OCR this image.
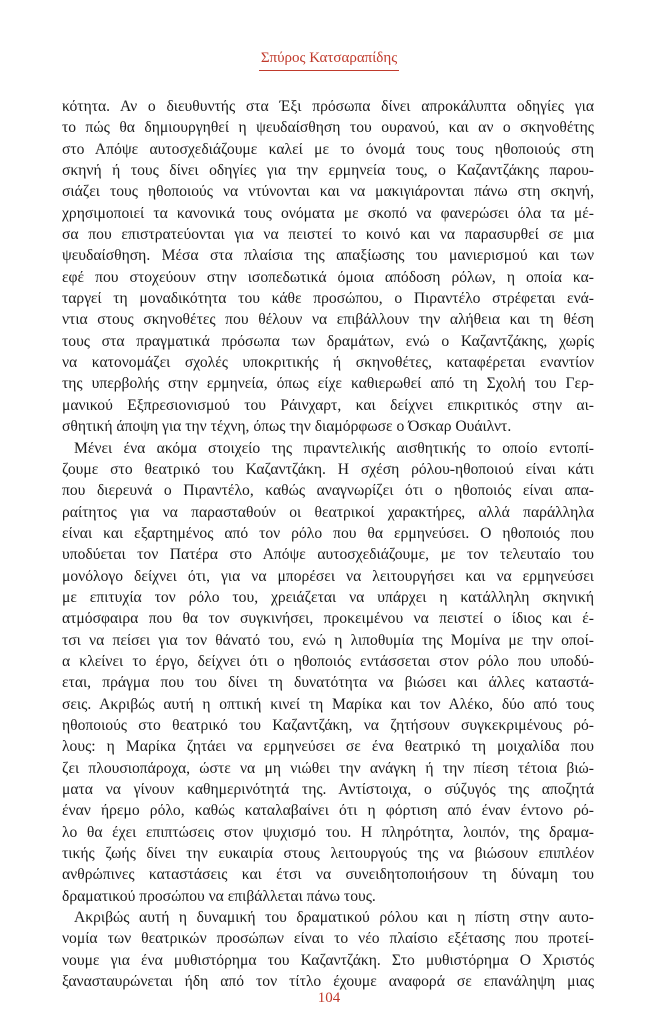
Σπύρος Κατσαραπίδης
κότητα. Αν ο διευθυντής στα Έξι πρόσωπα δίνει απροκάλυπτα οδηγίες για
το πώς θα δημιουργηθεί η ψευδαίσθηση του ουρανού, και αν ο σκηνοθέτης
στο Απόψε αυτοσχεδιάζουμε καλεί με το όνομά τους τους ηθοποιούς στη
σκηνή ή τους δίνει οδηγίες για την ερμηνεία τους, ο Καζαντζάκης παρου-
σιάζει τους ηθοποιούς να ντύνονται και να μακιγιάρονται πάνω στη σκηνή,
χρησιμοποιεί τα κανονικά τους ονόματα με σκοπό να φανερώσει όλα τα μέ-
σα που επιστρατεύονται για να πειστεί το κοινό και να παρασυρθεί σε μια
ψευδαίσθηση. Μέσα στα πλαίσια της απαξίωσης του μανιερισμού και των
εφέ που στοχεύουν στην ισοπεδωτικά όμοια απόδοση ρόλων, η οποία κα-
ταργεί τη μοναδικότητα του κάθε προσώπου, ο Πιραντέλο στρέφεται ενά-
ντια στους σκηνοθέτες που θέλουν να επιβάλλουν την αλήθεια και τη θέση
τους στα πραγματικά πρόσωπα των δραμάτων, ενώ ο Καζαντζάκης, χωρίς
να κατονομάζει σχολές υποκριτικής ή σκηνοθέτες, καταφέρεται εναντίον
της υπερβολής στην ερμηνεία, όπως είχε καθιερωθεί από τη Σχολή του Γερ-
μανικού Εξπρεσιονισμού του Ράινχαρτ, και δείχνει επικριτικός στην αι-
σθητική άποψη για την τέχνη, όπως την διαμόρφωσε ο Όσκαρ Ουάιλντ.
Μένει ένα ακόμα στοιχείο της πιραντελικής αισθητικής το οποίο εντοπί-
ζουμε στο θεατρικό του Καζαντζάκη. Η σχέση ρόλου-ηθοποιού είναι κάτι
που διερευνά ο Πιραντέλο, καθώς αναγνωρίζει ότι ο ηθοποιός είναι απα-
ραίτητος για να παρασταθούν οι θεατρικοί χαρακτήρες, αλλά παράλληλα
είναι και εξαρτημένος από τον ρόλο που θα ερμηνεύσει. Ο ηθοποιός που
υποδύεται τον Πατέρα στο Απόψε αυτοσχεδιάζουμε, με τον τελευταίο του
μονόλογο δείχνει ότι, για να μπορέσει να λειτουργήσει και να ερμηνεύσει
με επιτυχία τον ρόλο του, χρειάζεται να υπάρχει η κατάλληλη σκηνική
ατμόσφαιρα που θα τον συγκινήσει, προκειμένου να πειστεί ο ίδιος και έ-
τσι να πείσει για τον θάνατό του, ενώ η λιποθυμία της Μομίνα με την οποί-
α κλείνει το έργο, δείχνει ότι ο ηθοποιός εντάσσεται στον ρόλο που υποδύ-
εται, πράγμα που του δίνει τη δυνατότητα να βιώσει και άλλες καταστά-
σεις. Ακριβώς αυτή η οπτική κινεί τη Μαρίκα και τον Αλέκο, δύο από τους
ηθοποιούς στο θεατρικό του Καζαντζάκη, να ζητήσουν συγκεκριμένους ρό-
λους: η Μαρίκα ζητάει να ερμηνεύσει σε ένα θεατρικό τη μοιχαλίδα που
ζει πλουσιοπάροχα, ώστε να μη νιώθει την ανάγκη ή την πίεση τέτοια βιώ-
ματα να γίνουν καθημερινότητά της. Αντίστοιχα, ο σύζυγός της αποζητά
έναν ήρεμο ρόλο, καθώς καταλαβαίνει ότι η φόρτιση από έναν έντονο ρό-
λο θα έχει επιπτώσεις στον ψυχισμό του. Η πληρότητα, λοιπόν, της δραμα-
τικής ζωής δίνει την ευκαιρία στους λειτουργούς της να βιώσουν επιπλέον
ανθρώπινες καταστάσεις και έτσι να συνειδητοποιήσουν τη δύναμη του
δραματικού προσώπου να επιβάλλεται πάνω τους.
Ακριβώς αυτή η δυναμική του δραματικού ρόλου και η πίστη στην αυτο-
νομία των θεατρικών προσώπων είναι το νέο πλαίσιο εξέτασης που προτεί-
νουμε για ένα μυθιστόρημα του Καζαντζάκη. Στο μυθιστόρημα Ο Χριστός
ξανασταυρώνεται ήδη από τον τίτλο έχουμε αναφορά σε επανάληψη μιας
104
